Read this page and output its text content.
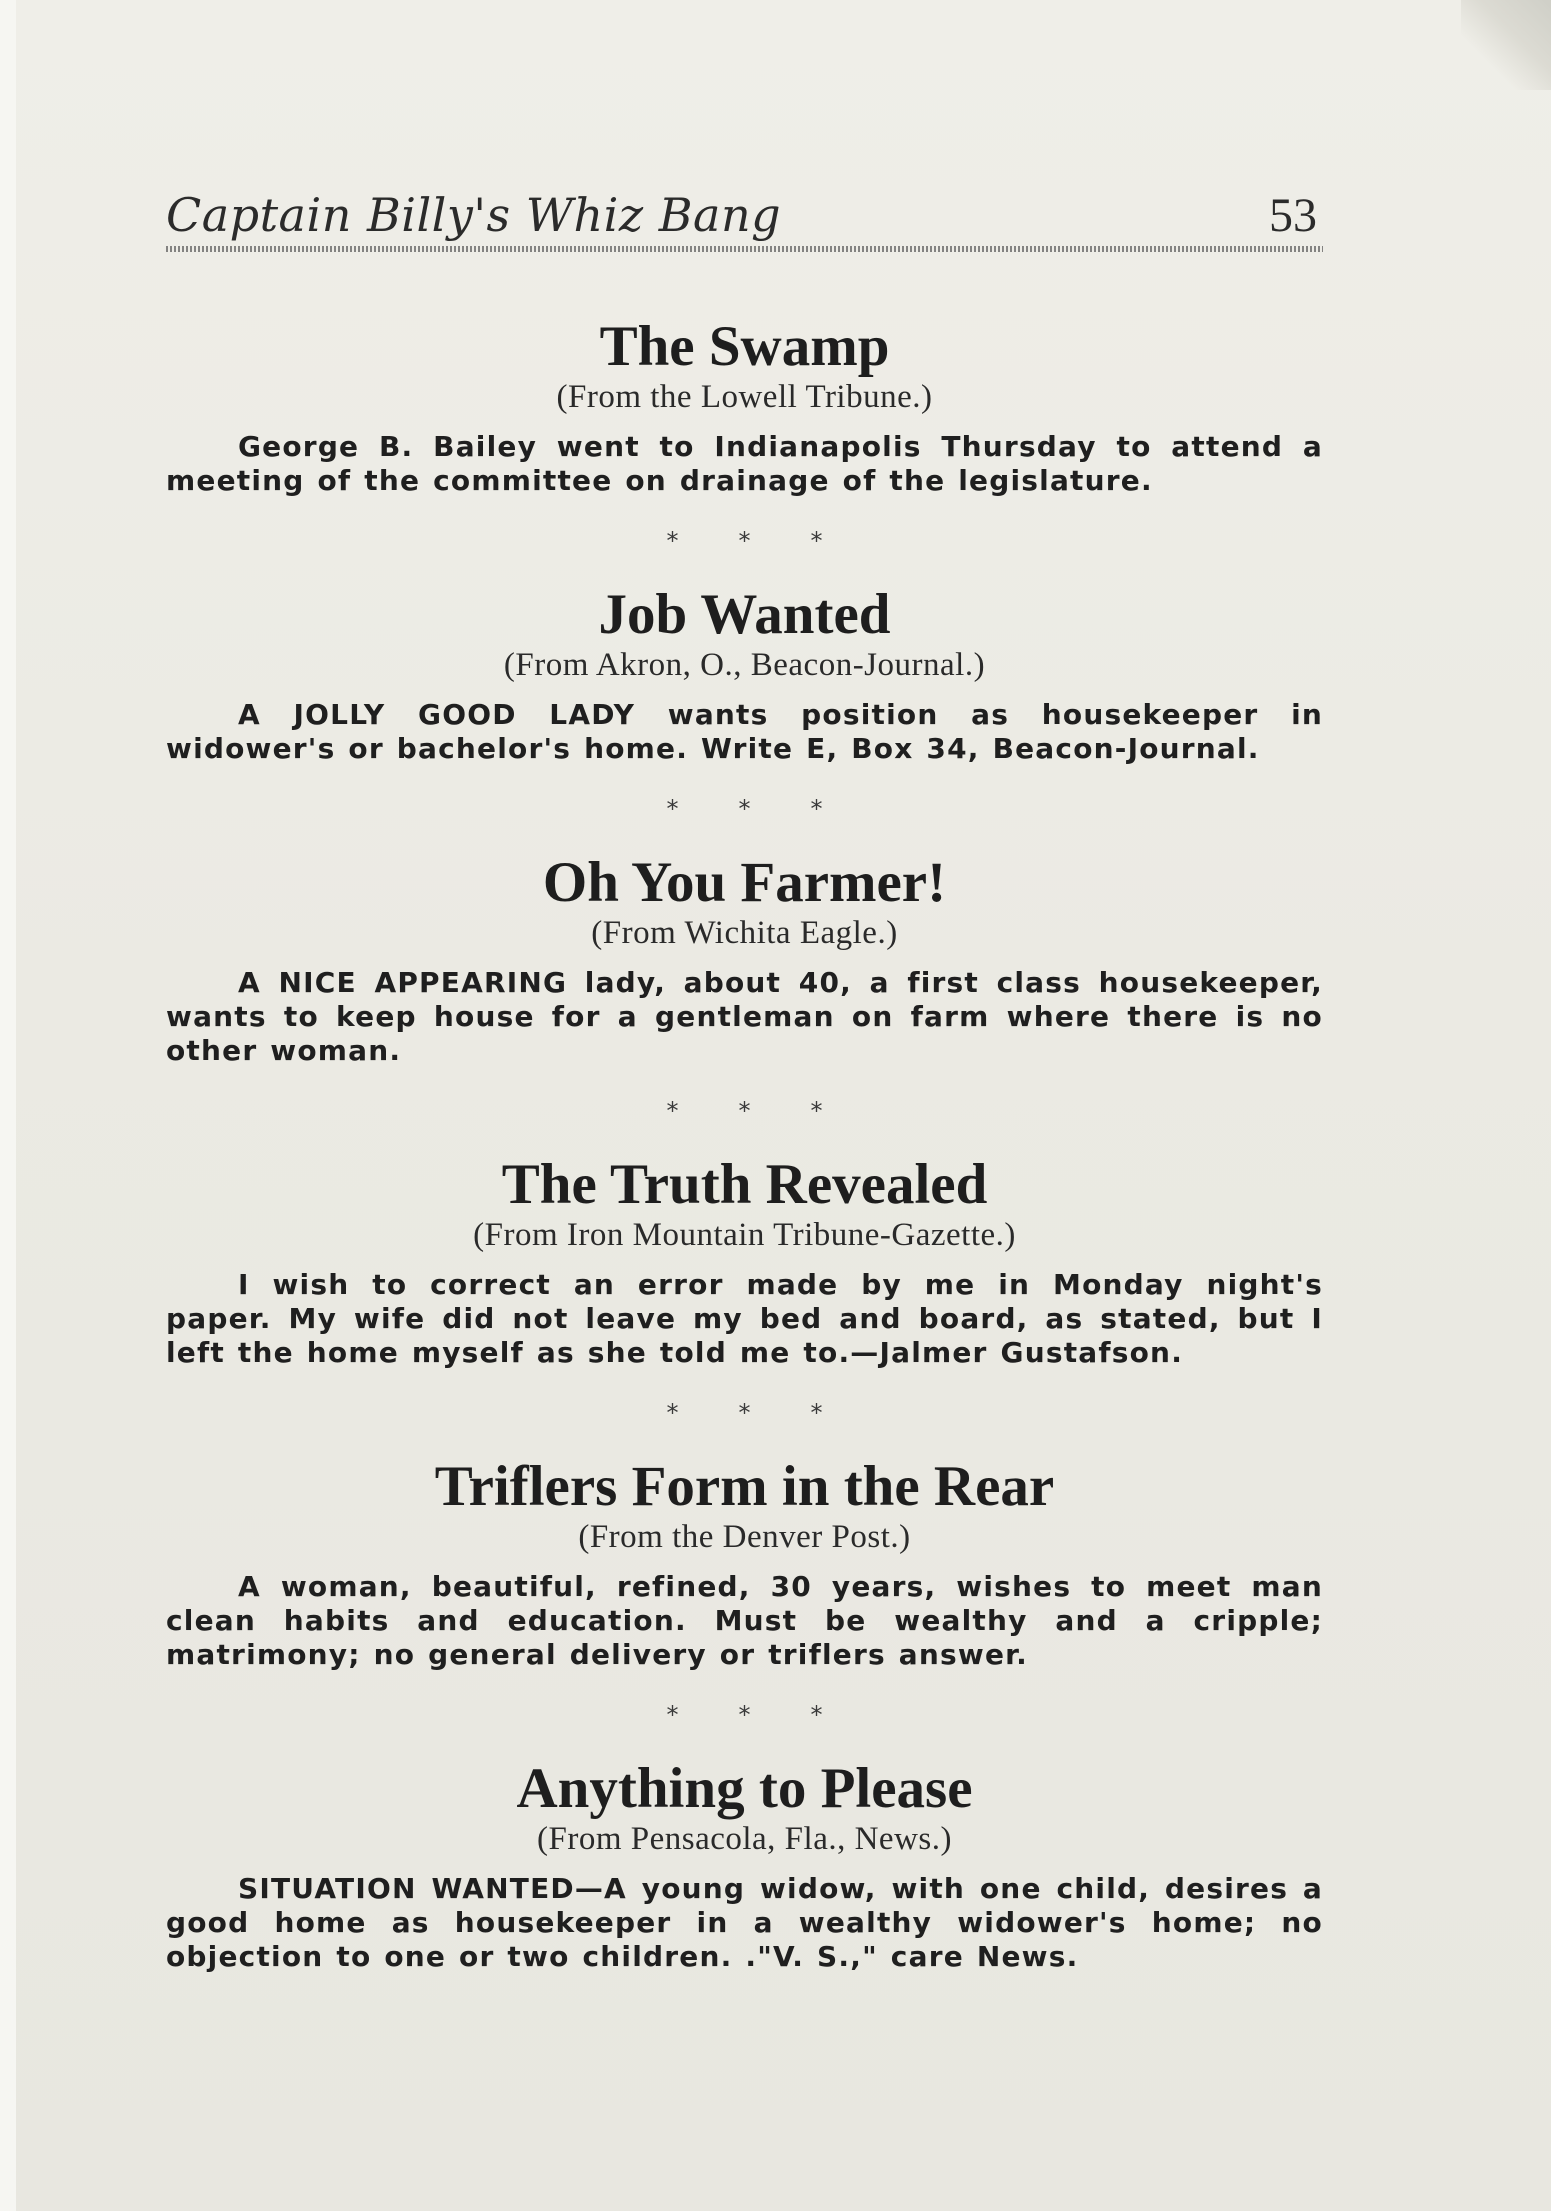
Captain Billy's Whiz Bang	53
The Swamp

(From the Lowell Tribune.)

George B. Bailey went to Indianapolis Thursday to attend a meeting of the committee on drainage of the legislature.

***
Job Wanted

(From Akron, O., Beacon-Journal.)

A JOLLY GOOD LADY wants position as housekeeper in widower's or bachelor's home. Write E, Box 34, Beacon-Journal.

***
Oh You Farmer!

(From Wichita Eagle.)

A NICE APPEARING lady, about 40, a first class housekeeper, wants to keep house for a gentleman on farm where there is no other woman.

***
The Truth Revealed

(From Iron Mountain Tribune-Gazette.)

I wish to correct an error made by me in Monday night's paper. My wife did not leave my bed and board, as stated, but I left the home myself as she told me to.—Jalmer Gustafson.

***
Triflers Form in the Rear

(From the Denver Post.)

A woman, beautiful, refined, 30 years, wishes to meet man clean habits and education. Must be wealthy and a cripple; matrimony; no general delivery or triflers answer.

***
Anything to Please

(From Pensacola, Fla., News.)

SITUATION WANTED—A young widow, with one child, desires a good home as housekeeper in a wealthy widower's home; no objection to one or two children. ."V. S.," care News.
